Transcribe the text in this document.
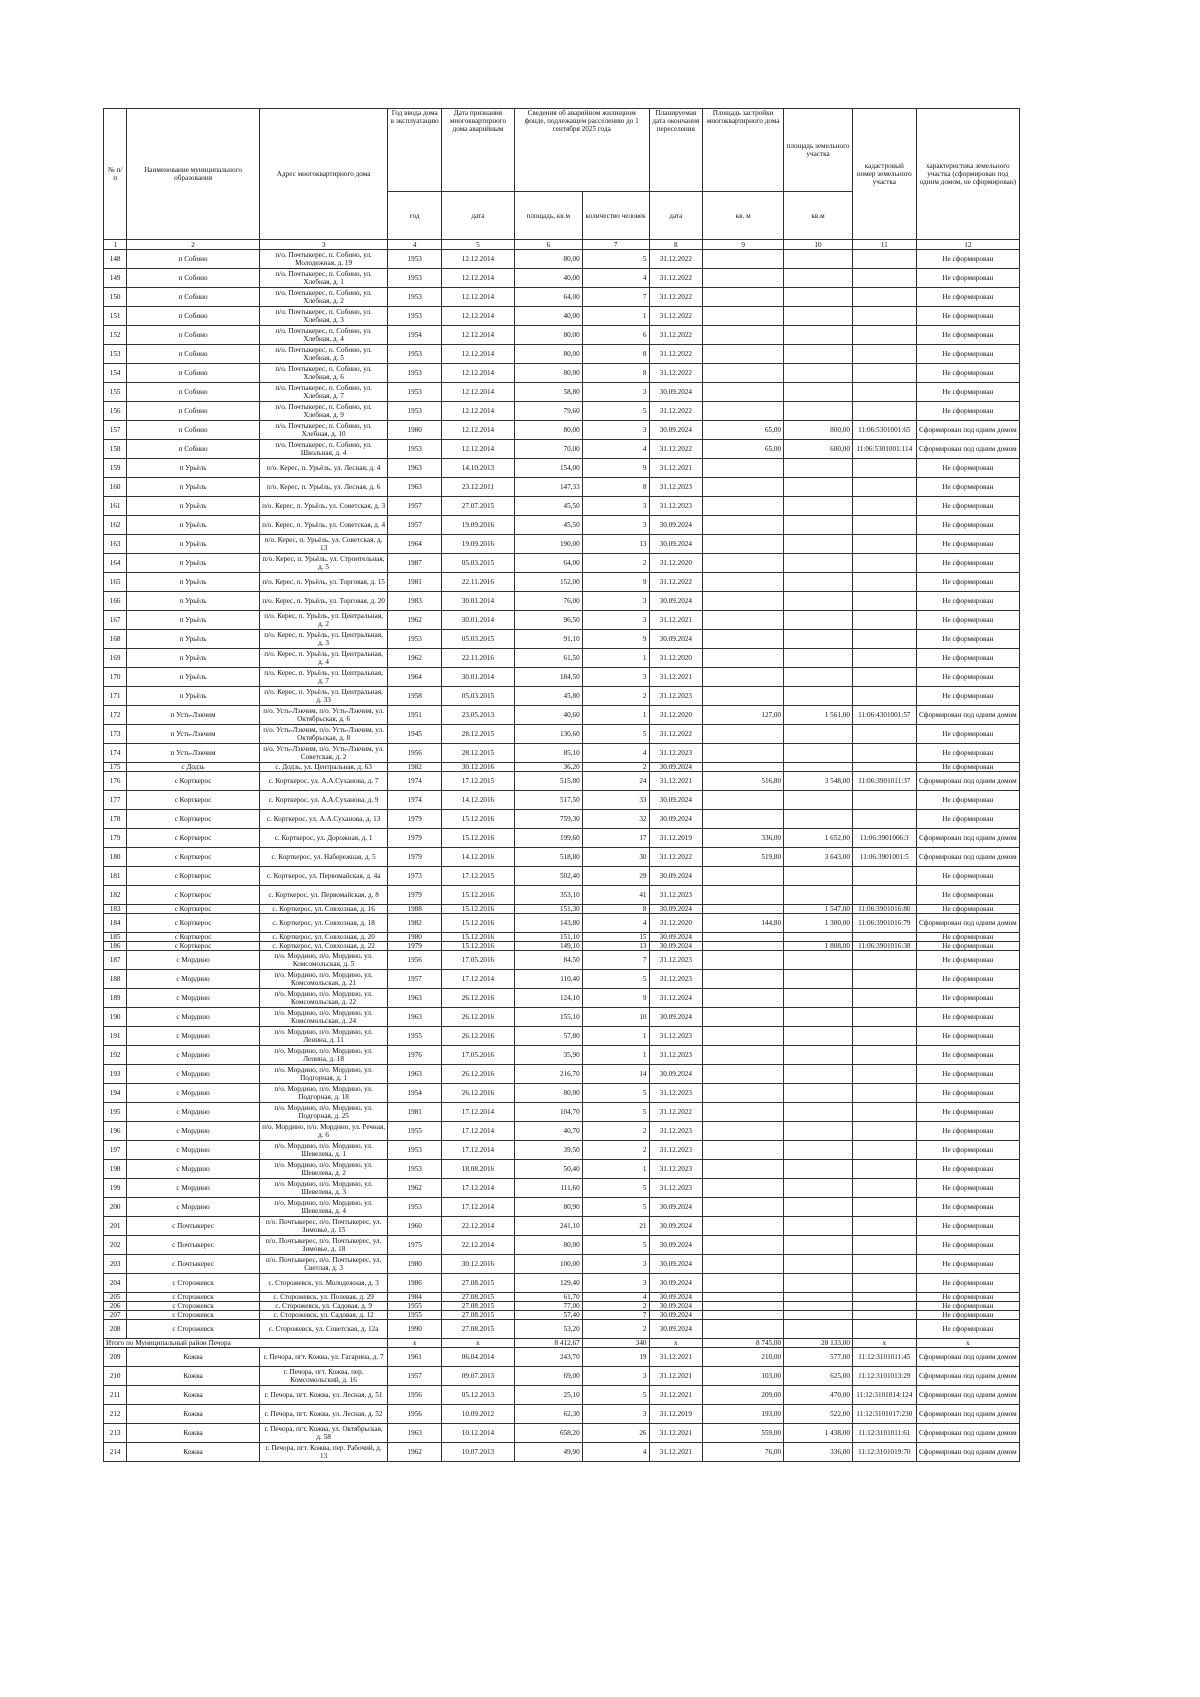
№ п/п	Наименование муниципального образования	Адрес многоквартирного дома	Год ввода дома в эксплуатацию	Дата признания многоквартирного дома аварийным	Сведения об аварийном жилищном фонде, подлежащем расселению до 1 сентября 2025 года		Планируемая дата окончания переселения	Площадь застройки многоквартирного дома	площадь земельного участка	кадастровый номер земельного участка	характеристика земельного участка (сформирован под одним домом, не сформирован)
			год	дата	площадь, кв.м	количество человек	дата	кв. м	кв.м		
1	2	3	4	5	6	7	8	9	10	11	12
148	п Собино	п/о. Почтыкерес, п. Собино, ул. Молодежная, д. 19	1953	12.12.2014	80,00	5	31.12.2022				Не сформирован
149	п Собино	п/о. Почтыкерес, п. Собино, ул. Хлебная, д. 1	1953	12.12.2014	40,00	4	31.12.2022				Не сформирован
150	п Собино	п/о. Почтыкерес, п. Собино, ул. Хлебная, д. 2	1953	12.12.2014	64,00	7	31.12.2022				Не сформирован
151	п Собино	п/о. Почтыкерес, п. Собино, ул. Хлебная, д. 3	1953	12.12.2014	40,00	1	31.12.2022				Не сформирован
152	п Собино	п/о. Почтыкерес, п. Собино, ул. Хлебная, д. 4	1954	12.12.2014	80,00	6	31.12.2022				Не сформирован
153	п Собино	п/о. Почтыкерес, п. Собино, ул. Хлебная, д. 5	1953	12.12.2014	80,00	8	31.12.2022				Не сформирован
154	п Собино	п/о. Почтыкерес, п. Собино, ул. Хлебная, д. 6	1953	12.12.2014	80,00	8	31.12.2022				Не сформирован
155	п Собино	п/о. Почтыкерес, п. Собино, ул. Хлебная, д. 7	1953	12.12.2014	58,80	3	30.09.2024				Не сформирован
156	п Собино	п/о. Почтыкерес, п. Собино, ул. Хлебная, д. 9	1953	12.12.2014	79,60	5	31.12.2022				Не сформирован
157	п Собино	п/о. Почтыкерес, п. Собино, ул. Хлебная, д. 10	1980	12.12.2014	80,00	3	30.09.2024	65,00	800,00	11:06:5301001:65	Сформирован под одним домом
158	п Собино	п/о. Почтыкерес, п. Собино, ул. Школьная, д. 4	1953	12.12.2014	70,00	4	31.12.2022	65,00	600,00	11:06:5301001:114	Сформирован под одним домом
159	п Урьёль	п/о. Керес, п. Урьёль, ул. Лесная, д. 4	1963	14.10.2013	154,00	9	31.12.2021				Не сформирован
160	п Урьёль	п/о. Керес, п. Урьёль, ул. Лесная, д. 6	1963	23.12.2011	147,33	8	31.12.2023				Не сформирован
161	п Урьёль	п/о. Керес, п. Урьёль, ул. Советская, д. 3	1957	27.07.2015	45,50	3	31.12.2023				Не сформирован
162	п Урьёль	п/о. Керес, п. Урьёль, ул. Советская, д. 4	1957	19.09.2016	45,50	3	30.09.2024				Не сформирован
163	п Урьёль	п/о. Керес, п. Урьёль, ул. Советская, д. 13	1964	19.09.2016	190,00	13	30.09.2024				Не сформирован
164	п Урьёль	п/о. Керес, п. Урьёль, ул. Строительная, д. 5	1987	05.03.2015	64,00	2	31.12.2020				Не сформирован
165	п Урьёль	п/о. Керес, п. Урьёль, ул. Торговая, д. 15	1981	22.11.2016	152,00	9	31.12.2022				Не сформирован
166	п Урьёль	п/о. Керес, п. Урьёль, ул. Торговая, д. 20	1983	30.01.2014	76,00	3	30.09.2024				Не сформирован
167	п Урьёль	п/о. Керес, п. Урьёль, ул. Центральная, д. 2	1962	30.01.2014	96,50	3	31.12.2021				Не сформирован
168	п Урьёль	п/о. Керес, п. Урьёль, ул. Центральная, д. 3	1953	05.03.2015	91,10	9	30.09.2024				Не сформирован
169	п Урьёль	п/о. Керес, п. Урьёль, ул. Центральная, д. 4	1962	22.11.2016	61,50	1	31.12.2020				Не сформирован
170	п Урьёль	п/о. Керес, п. Урьёль, ул. Центральная, д. 7	1964	30.01.2014	184,50	3	31.12.2021				Не сформирован
171	п Урьёль	п/о. Керес, п. Урьёль, ул. Центральная, д. 33	1958	05.03.2015	45,80	2	31.12.2023				Не сформирован
172	п Усть-Лэкчим	п/о. Усть-Лэкчим, п/о. Усть-Лэкчим, ул. Октябрьская, д. 6	1951	23.05.2013	40,60	1	31.12.2020	127,00	1 561,00	11:06:4301001:57	Сформирован под одним домом
173	п Усть-Лэкчим	п/о. Усть-Лэкчим, п/о. Усть-Лэкчим, ул. Октябрьская, д. 8	1945	28.12.2015	130,60	5	31.12.2022				Не сформирован
174	п Усть-Лэкчим	п/о. Усть-Лэкчим, п/о. Усть-Лэкчим, ул. Советская, д. 2	1956	28.12.2015	85,10	4	31.12.2023				Не сформирован
175	с Додзь	с. Додзь, ул. Центральная, д. 63	1982	30.12.2016	36,20	2	30.09.2024				Не сформирован
176	с Корткерос	с. Корткерос, ул. А.А.Суханова, д. 7	1974	17.12.2015	515,80	24	31.12.2021	516,80	3 548,00	11:06:3901011:37	Сформирован под одним домом
177	с Корткерос	с. Корткерос, ул. А.А.Суханова, д. 9	1974	14.12.2016	517,50	33	30.09.2024				Не сформирован
178	с Корткерос	с. Корткерос, ул. А.А.Суханова, д. 13	1979	15.12.2016	759,30	32	30.09.2024				Не сформирован
179	с Корткерос	с. Корткерос, ул. Дорожная, д. 1	1979	15.12.2016	199,60	17	31.12.2019	336,00	1 652,00	11:06:3901006:3	Сформирован под одним домом
180	с Корткерос	с. Корткерос, ул. Набережная, д. 5	1979	14.12.2016	518,80	30	31.12.2022	519,80	3 643,00	11:06:3901001:5	Сформирован под одним домом
181	с Корткерос	с. Корткерос, ул. Первомайская, д. 4а	1973	17.12.2015	502,40	29	30.09.2024				Не сформирован
182	с Корткерос	с. Корткерос, ул. Первомайская, д. 8	1979	15.12.2016	353,10	41	31.12.2023				Не сформирован
183	с Корткерос	с. Корткерос, ул. Совхозная, д. 16	1988	15.12.2016	151,30	8	30.09.2024		1 547,00	11:06:3901016:80	Не сформирован
184	с Корткерос	с. Корткерос, ул. Совхозная, д. 18	1982	15.12.2016	143,80	4	31.12.2020	144,80	1 300,00	11:06:3901016:79	Сформирован под одним домом
185	с Корткерос	с. Корткерос, ул. Совхозная, д. 20	1980	15.12.2016	151,10	15	30.09.2024				Не сформирован
186	с Корткерос	с. Корткерос, ул. Совхозная, д. 22	1979	15.12.2016	149,10	13	30.09.2024		1 808,00	11:06:3901016:38	Не сформирован
187	с Мордино	п/о. Мордино, п/о. Мордино, ул. Комсомольская, д. 5	1956	17.05.2016	84,50	7	31.12.2023				Не сформирован
188	с Мордино	п/о. Мордино, п/о. Мордино, ул. Комсомольская, д. 21	1957	17.12.2014	110,40	5	31.12.2023				Не сформирован
189	с Мордино	п/о. Мордино, п/о. Мордино, ул. Комсомольская, д. 22	1963	26.12.2016	124,10	9	31.12.2024				Не сформирован
190	с Мордино	п/о. Мордино, п/о. Мордино, ул. Комсомольская, д. 24	1963	26.12.2016	155,10	10	30.09.2024				Не сформирован
191	с Мордино	п/о. Мордино, п/о. Мордино, ул. Ленина, д. 11	1955	26.12.2016	57,80	1	31.12.2023				Не сформирован
192	с Мордино	п/о. Мордино, п/о. Мордино, ул. Ленина, д. 18	1976	17.05.2016	35,90	1	31.12.2023				Не сформирован
193	с Мордино	п/о. Мордино, п/о. Мордино, ул. Подгорная, д. 1	1963	26.12.2016	216,70	14	30.09.2024				Не сформирован
194	с Мордино	п/о. Мордино, п/о. Мордино, ул. Подгорная, д. 18	1954	26.12.2016	80,00	5	31.12.2023				Не сформирован
195	с Мордино	п/о. Мордино, п/о. Мордино, ул. Подгорная, д. 25	1981	17.12.2014	104,70	5	31.12.2022				Не сформирован
196	с Мордино	п/о. Мордино, п/о. Мордино, ул. Речная, д. 6	1955	17.12.2014	40,70	2	31.12.2023				Не сформирован
197	с Мордино	п/о. Мордино, п/о. Мордино, ул. Шевелева, д. 1	1953	17.12.2014	39,50	2	31.12.2023				Не сформирован
198	с Мордино	п/о. Мордино, п/о. Мордино, ул. Шевелева, д. 2	1953	18.08.2016	50,40	1	31.12.2023				Не сформирован
199	с Мордино	п/о. Мордино, п/о. Мордино, ул. Шевелева, д. 3	1962	17.12.2014	111,60	5	31.12.2023				Не сформирован
200	с Мордино	п/о. Мордино, п/о. Мордино, ул. Шевелева, д. 4	1953	17.12.2014	80,90	5	30.09.2024				Не сформирован
201	с Почтыкерес	п/о. Почтыкерес, п/о. Почтыкерес, ул. Зимовье, д. 15	1960	22.12.2014	241,10	21	30.09.2024				Не сформирован
202	с Почтыкерес	п/о. Почтыкерес, п/о. Почтыкерес, ул. Зимовье, д. 18	1975	22.12.2014	80,00	5	30.09.2024				Не сформирован
203	с Почтыкерес	п/о. Почтыкерес, п/о. Почтыкерес, ул. Светлая, д. 3	1980	30.12.2016	100,00	3	30.09.2024				Не сформирован
204	с Сторожевск	с. Сторожевск, ул. Молодежная, д. 3	1986	27.08.2015	129,40	3	30.09.2024				Не сформирован
205	с Сторожевск	с. Сторожевск, ул. Полевая, д. 29	1984	27.08.2015	61,70	4	30.09.2024				Не сформирован
206	с Сторожевск	с. Сторожевск, ул. Садовая, д. 9	1955	27.08.2015	77,00	2	30.09.2024				Не сформирован
207	с Сторожевск	с. Сторожевск, ул. Садовая, д. 12	1955	27.08.2015	57,40	7	30.09.2024				Не сформирован
208	с Сторожевск	с. Сторожевск, ул. Советская, д. 12а	1990	27.08.2015	53,20	2	30.09.2024				Не сформирован
Итого по Муниципальный район Печора			х	х	8 412,67	340	х	8 745,00	28 133,00	х	х
209	Кожва	г. Печора, пгт. Кожва, ул. Гагарина, д. 7	1961	06.04.2014	243,70	19	31.12.2021	210,00	577,00	11:12:3101011:45	Сформирован под одним домом
210	Кожва	г. Печора, пгт. Кожва, пер. Комсомольский, д. 16	1957	09.07.2013	69,00	3	31.12.2021	103,00	625,00	11:12:3101013:29	Сформирован под одним домом
211	Кожва	г. Печора, пгт. Кожва, ул. Лесная, д. 51	1956	05.12.2013	25,10	5	31.12.2021	209,00	470,00	11:12:3101014:124	Сформирован под одним домом
212	Кожва	г. Печора, пгт. Кожва, ул. Лесная, д. 52	1956	10.09.2012	62,30	3	31.12.2019	193,00	522,00	11:12:3101017:230	Сформирован под одним домом
213	Кожва	г. Печора, пгт. Кожва, ул. Октябрьская, д. 58	1963	10.12.2014	658,20	26	31.12.2021	559,00	1 438,00	11:12:3101011:61	Сформирован под одним домом
214	Кожва	г. Печора, пгт. Кожва, пер. Рабочий, д. 13	1962	10.07.2013	49,90	4	31.12.2021	76,00	336,00	11:12:3101019:70	Сформирован под одним домом
